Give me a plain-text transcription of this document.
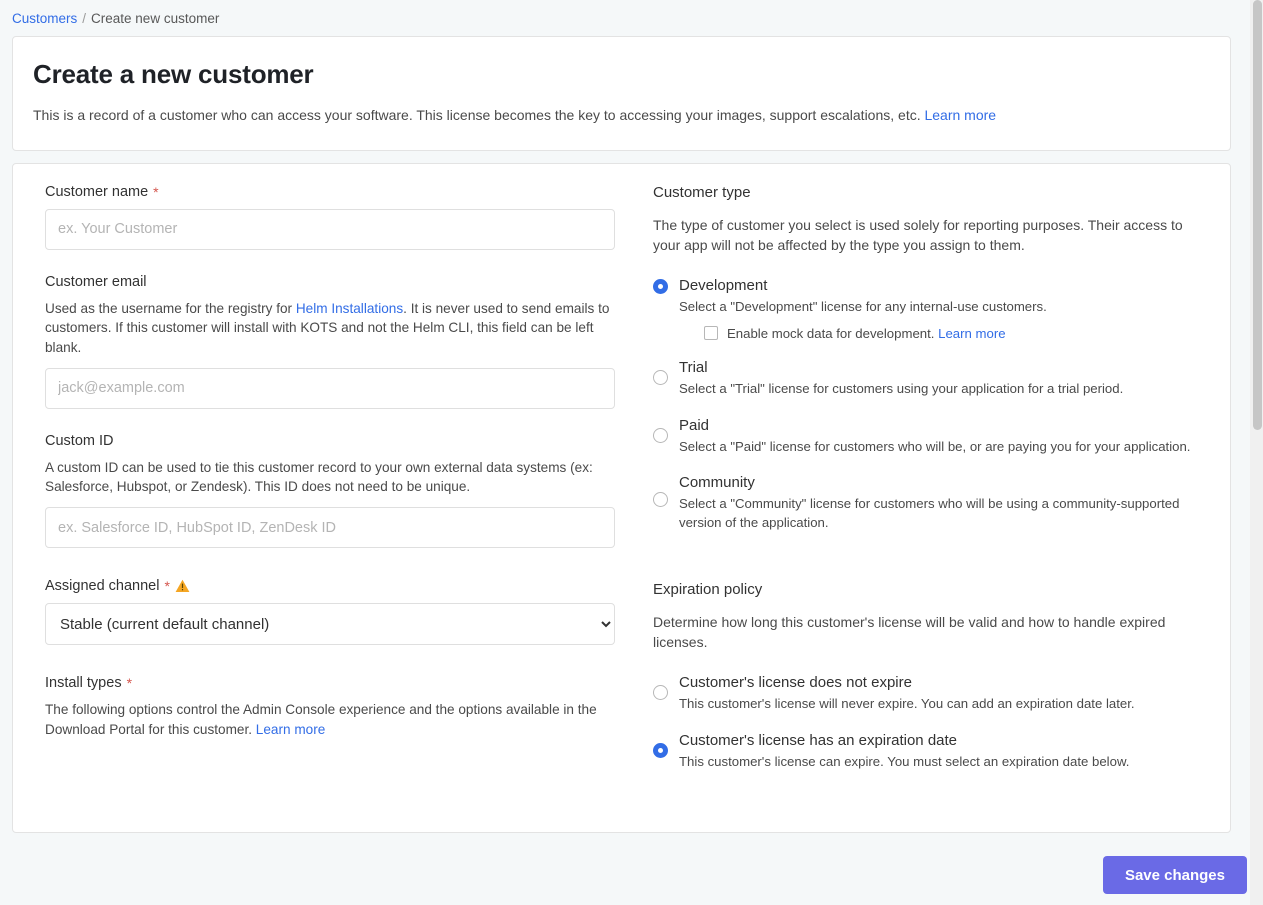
Customers / Create new customer
Create a new customer
This is a record of a customer who can access your software. This license becomes the key to accessing your images, support escalations, etc. Learn more
Customer name *
ex. Your Customer
Customer email
Used as the username for the registry for Helm Installations. It is never used to send emails to customers. If this customer will install with KOTS and not the Helm CLI, this field can be left blank.
jack@example.com
Custom ID
A custom ID can be used to tie this customer record to your own external data systems (ex: Salesforce, Hubspot, or Zendesk). This ID does not need to be unique.
ex. Salesforce ID, HubSpot ID, ZenDesk ID
Assigned channel *
Stable (current default channel)
Install types *
The following options control the Admin Console experience and the options available in the Download Portal for this customer. Learn more
Customer type
The type of customer you select is used solely for reporting purposes. Their access to your app will not be affected by the type you assign to them.
Development
Select a "Development" license for any internal-use customers.
Enable mock data for development. Learn more
Trial
Select a "Trial" license for customers using your application for a trial period.
Paid
Select a "Paid" license for customers who will be, or are paying you for your application.
Community
Select a "Community" license for customers who will be using a community-supported version of the application.
Expiration policy
Determine how long this customer's license will be valid and how to handle expired licenses.
Customer's license does not expire
This customer's license will never expire. You can add an expiration date later.
Customer's license has an expiration date
This customer's license can expire. You must select an expiration date below.
Save changes
